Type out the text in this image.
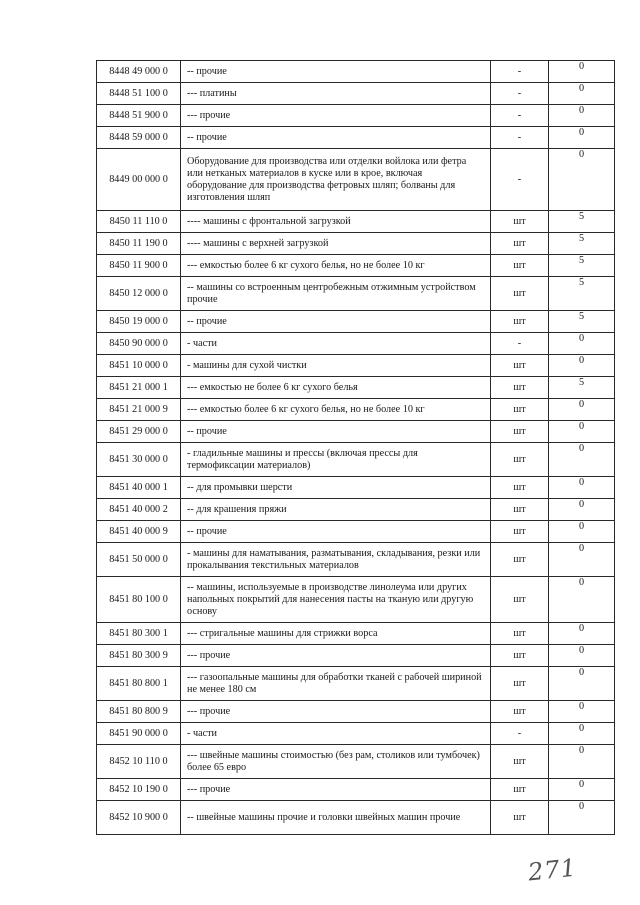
8448 49 000 0	-- прочие	-	0
8448 51 100 0	--- платины	-	0
8448 51 900 0	--- прочие	-	0
8448 59 000 0	-- прочие	-	0
8449 00 000 0	Оборудование для производства или отделки войлока или фетра или нетканых материалов в куске или в крое, включая оборудование для производства фетровых шляп; болваны для изготовления шляп	-	0
8450 11 110 0	---- машины с фронтальной загрузкой	шт	5
8450 11 190 0	---- машины с верхней загрузкой	шт	5
8450 11 900 0	--- емкостью более 6 кг сухого белья, но не более 10 кг	шт	5
8450 12 000 0	-- машины со встроенным центробежным отжимным устройством прочие	шт	5
8450 19 000 0	-- прочие	шт	5
8450 90 000 0	- части	-	0
8451 10 000 0	- машины для сухой чистки	шт	0
8451 21 000 1	--- емкостью не более 6 кг сухого белья	шт	5
8451 21 000 9	--- емкостью более 6 кг сухого белья, но не более 10 кг	шт	0
8451 29 000 0	-- прочие	шт	0
8451 30 000 0	- гладильные машины и прессы (включая прессы для термофиксации материалов)	шт	0
8451 40 000 1	-- для промывки шерсти	шт	0
8451 40 000 2	-- для крашения пряжи	шт	0
8451 40 000 9	-- прочие	шт	0
8451 50 000 0	- машины для наматывания, разматывания, складывания, резки или прокалывания текстильных материалов	шт	0
8451 80 100 0	-- машины, используемые в производстве линолеума или других напольных покрытий для нанесения пасты на тканую или другую основу	шт	0
8451 80 300 1	--- стригальные машины для стрижки ворса	шт	0
8451 80 300 9	--- прочие	шт	0
8451 80 800 1	--- газоопальные машины для обработки тканей с рабочей шириной не менее 180 см	шт	0
8451 80 800 9	--- прочие	шт	0
8451 90 000 0	- части	-	0
8452 10 110 0	--- швейные машины стоимостью (без рам, столиков или тумбочек) более 65 евро	шт	0
8452 10 190 0	--- прочие	шт	0
8452 10 900 0	-- швейные машины прочие и головки швейных машин прочие	шт	0
271
